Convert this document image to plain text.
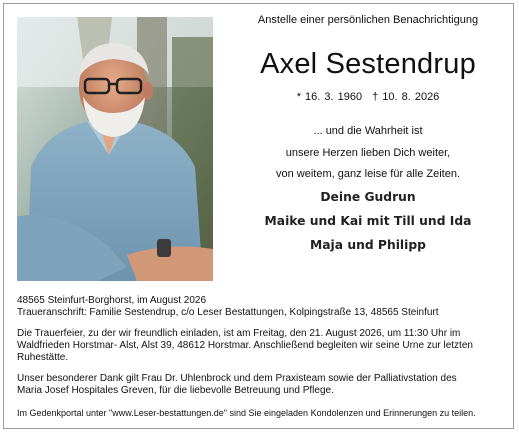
Anstelle einer persönlichen Benachrichtigung
Axel Sestendrup
* 16. 3. 1960 † 10. 8. 2026
... und die Wahrheit ist
unsere Herzen lieben Dich weiter,
von weitem, ganz leise für alle Zeiten.
Deine Gudrun
Maike und Kai mit Till und Ida
Maja und Philipp

48565 Steinfurt-Borghorst, im August 2026

Traueranschrift: Familie Sestendrup, c/o Leser Bestattungen, Kolpingstraße 13, 48565 Steinfurt

Die Trauerfeier, zu der wir freundlich einladen, ist am Freitag, den 21. August 2026, um 11:30 Uhr im

Waldfrieden Horstmar- Alst, Alst 39, 48612 Horstmar. Anschließend begleiten wir seine Urne zur letzten

Ruhestätte.

Unser besonderer Dank gilt Frau Dr. Uhlenbrock und dem Praxisteam sowie der Palliativstation des

Maria Josef Hospitales Greven, für die liebevolle Betreuung und Pflege.

Im Gedenkportal unter "www.Leser-bestattungen.de" sind Sie eingeladen Kondolenzen und Erinnerungen zu teilen.
